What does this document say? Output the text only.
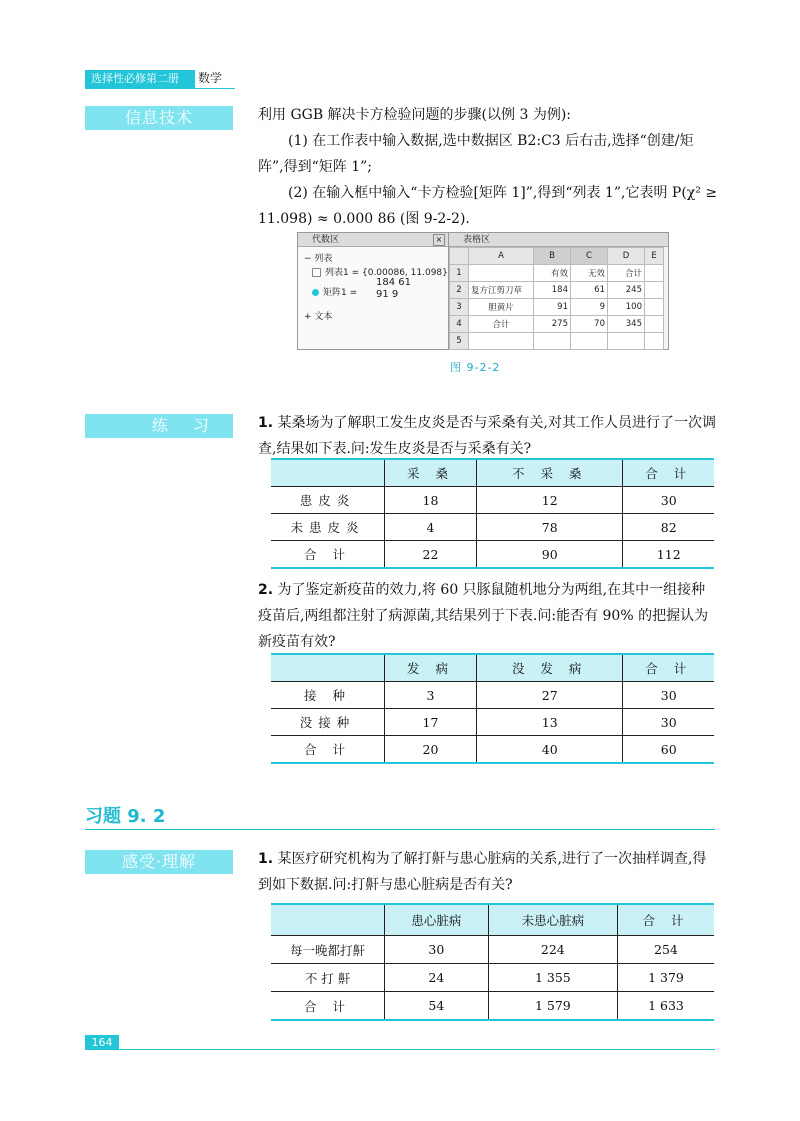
选择性必修第二册	数学
信息技术	利用 GGB 解决卡方检验问题的步骤(以例 3 为例):

(1) 在工作表中输入数据,选中数据区 B2:C3 后右击,选择“创建/矩阵”,得到“矩阵 1”;

(2) 在输入框中输入“卡方检验[矩阵 1]”,得到“列表 1”,它表明 P(χ² ≥ 11.098) ≈ 0.000 86 (图 9-2-2).

代数区	×
− 列表
列表1 = {0.00086, 11.098}
矩阵1 =
184 61
91 9
+ 文本
表格区
	A	B	C	D	E
1		有效	无效	合计	
2	复方江剪刀草	184	61	245	
3	胆黄片	91	9	100	
4	合计	275	70	345	
5					
图 9-2-2
练 习	1. 某桑场为了解职工发生皮炎是否与采桑有关,对其工作人员进行了一次调查,结果如下表.问:发生皮炎是否与采桑有关?

	采 桑	不 采 桑	合 计
患皮炎	18	12	30
未患皮炎	4	78	82
合 计	22	90	112

2. 为了鉴定新疫苗的效力,将 60 只豚鼠随机地分为两组,在其中一组接种疫苗后,两组都注射了病源菌,其结果列于下表.问:能否有 90% 的把握认为新疫苗有效?

	发 病	没 发 病	合 计
接 种	3	27	30
没接种	17	13	30
合 计	20	40	60
习题 9. 2
感受·理解	1. 某医疗研究机构为了解打鼾与患心脏病的关系,进行了一次抽样调查,得到如下数据.问:打鼾与患心脏病是否有关?

	患心脏病	未患心脏病	合 计
每一晚都打鼾	30	224	254
不 打 鼾	24	1 355	1 379
合 计	54	1 579	1 633
164
